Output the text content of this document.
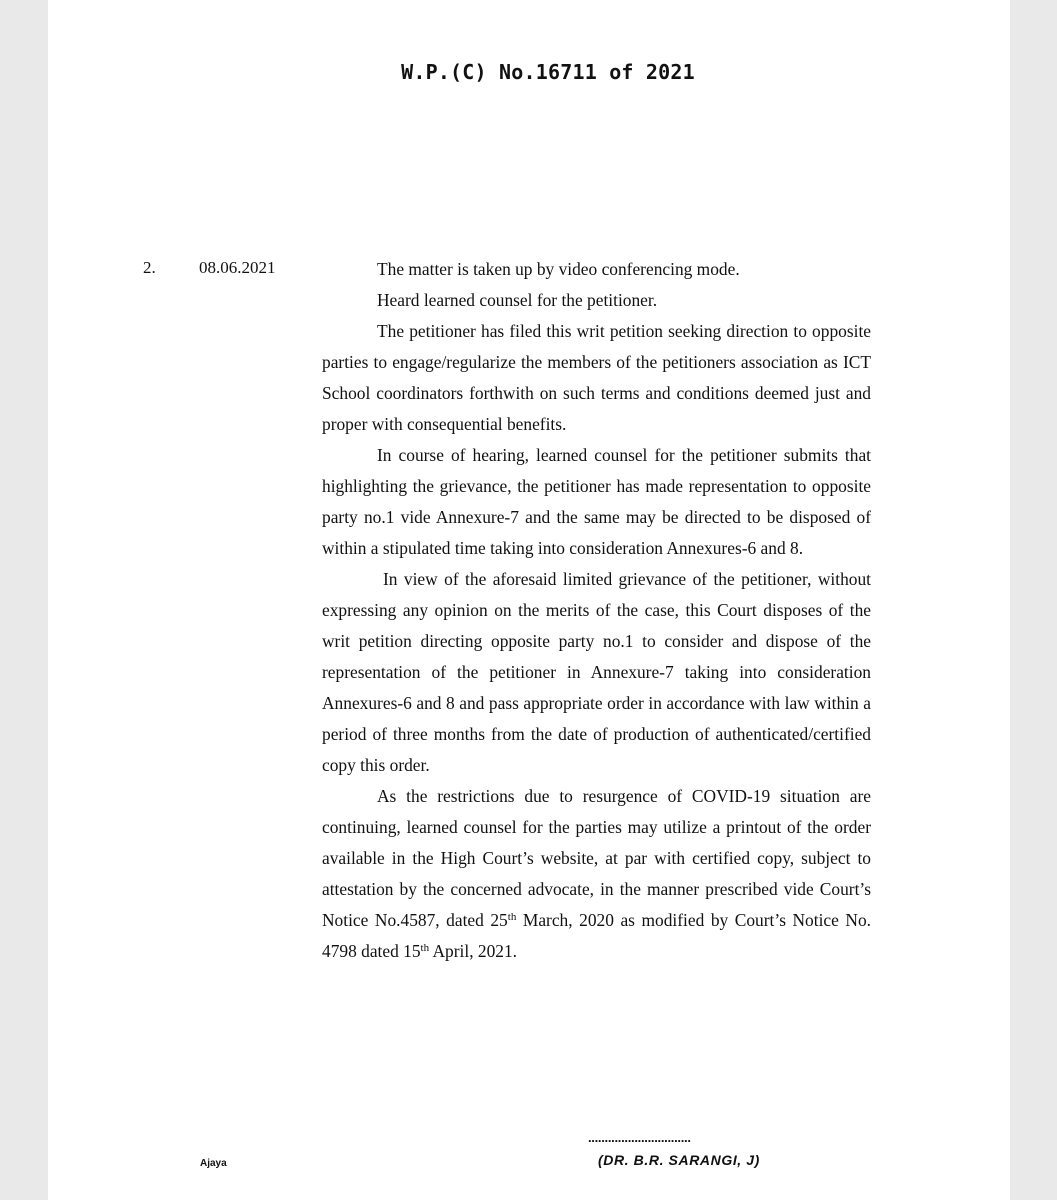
W.P.(C) No.16711 of 2021
2.	08.06.2021	The matter is taken up by video conferencing mode.

Heard learned counsel for the petitioner.

The petitioner has filed this writ petition seeking direction to opposite parties to engage/regularize the members of the petitioners association as ICT School coordinators forthwith on such terms and conditions deemed just and proper with consequential benefits.

In course of hearing, learned counsel for the petitioner submits that highlighting the grievance, the petitioner has made representation to opposite party no.1 vide Annexure-7 and the same may be directed to be disposed of within a stipulated time taking into consideration Annexures-6 and 8.

In view of the aforesaid limited grievance of the petitioner, without expressing any opinion on the merits of the case, this Court disposes of the writ petition directing opposite party no.1 to consider and dispose of the representation of the petitioner in Annexure-7 taking into consideration Annexures-6 and 8 and pass appropriate order in accordance with law within a period of three months from the date of production of authenticated/certified copy this order.

As the restrictions due to resurgence of COVID-19 situation are continuing, learned counsel for the parties may utilize a printout of the order available in the High Court’s website, at par with certified copy, subject to attestation by the concerned advocate, in the manner prescribed vide Court’s Notice No.4587, dated 25th March, 2020 as modified by Court’s Notice No. 4798 dated 15th April, 2021.

Ajaya
...............................
(DR. B.R. SARANGI, J)
